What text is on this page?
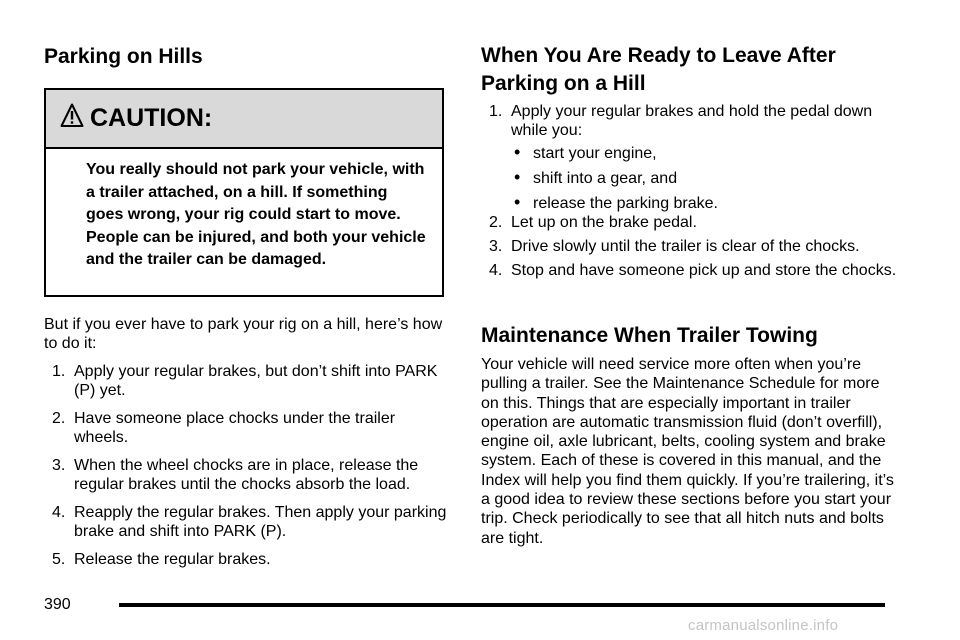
Parking on Hills
CAUTION:
You really should not park your vehicle, with a trailer attached, on a hill. If something goes wrong, your rig could start to move. People can be injured, and both your vehicle and the trailer can be damaged.

But if you ever have to park your rig on a hill, here’s how to do it:

1. Apply your regular brakes, but don’t shift into PARK (P) yet.
2. Have someone place chocks under the trailer wheels.
3. When the wheel chocks are in place, release the regular brakes until the chocks absorb the load.
4. Reapply the regular brakes. Then apply your parking brake and shift into PARK (P).
5. Release the regular brakes.
When You Are Ready to Leave After Parking on a Hill
1. Apply your regular brakes and hold the pedal down while you:
• start your engine,
• shift into a gear, and
• release the parking brake.
2. Let up on the brake pedal.
3. Drive slowly until the trailer is clear of the chocks.
4. Stop and have someone pick up and store the chocks.
Maintenance When Trailer Towing

Your vehicle will need service more often when you’re pulling a trailer. See the Maintenance Schedule for more on this. Things that are especially important in trailer operation are automatic transmission fluid (don’t overfill), engine oil, axle lubricant, belts, cooling system and brake system. Each of these is covered in this manual, and the Index will help you find them quickly. If you’re trailering, it’s a good idea to review these sections before you start your trip. Check periodically to see that all hitch nuts and bolts are tight.

390
carmanualsonline.info
